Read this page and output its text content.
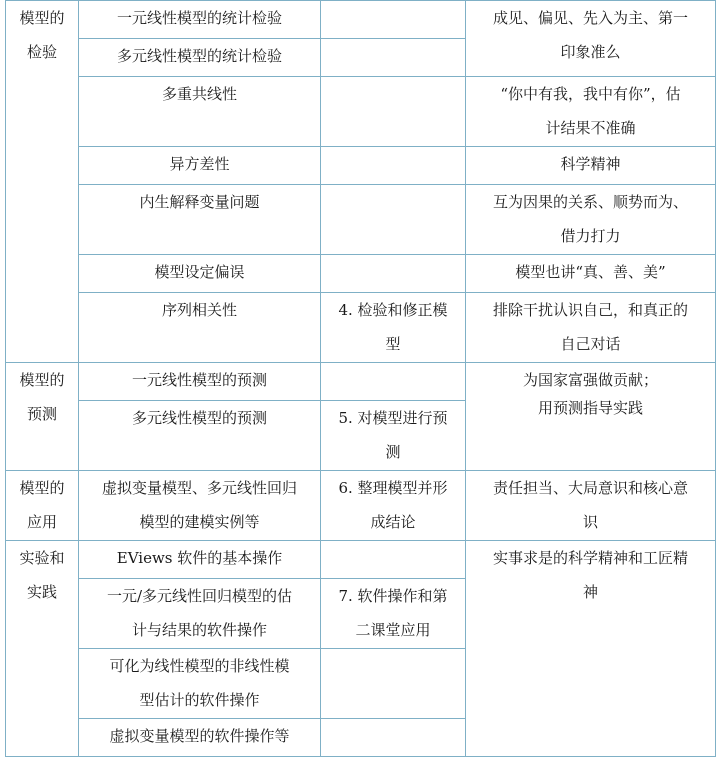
模型的
检验	一元线性模型的统计检验		成见、偏见、先入为主、第一
印象准么

	多元线性模型的统计检验		
	多重共线性		“你中有我，我中有你”，估
计结果不准确

	异方差性		科学精神
	内生解释变量问题		互为因果的关系、顺势而为、
借力打力

	模型设定偏误		模型也讲“真、善、美”
	序列相关性	4. 检验和修正模
型	排除干扰认识自己，和真正的
自己对话

模型的
预测	一元线性模型的预测		为国家富强做贡献；
用预测指导实践

	多元线性模型的预测	5. 对模型进行预
测	

模型的
应用	虚拟变量模型、多元线性回归
模型的建模实例等	6. 整理模型并形
成结论	责任担当、大局意识和核心意
识

实验和
实践	EViews 软件的基本操作		实事求是的科学精神和工匠精
神

	一元/多元线性回归模型的估
计与结果的软件操作	7. 软件操作和第
二课堂应用	

	可化为线性模型的非线性模
型估计的软件操作		

	虚拟变量模型的软件操作等		
